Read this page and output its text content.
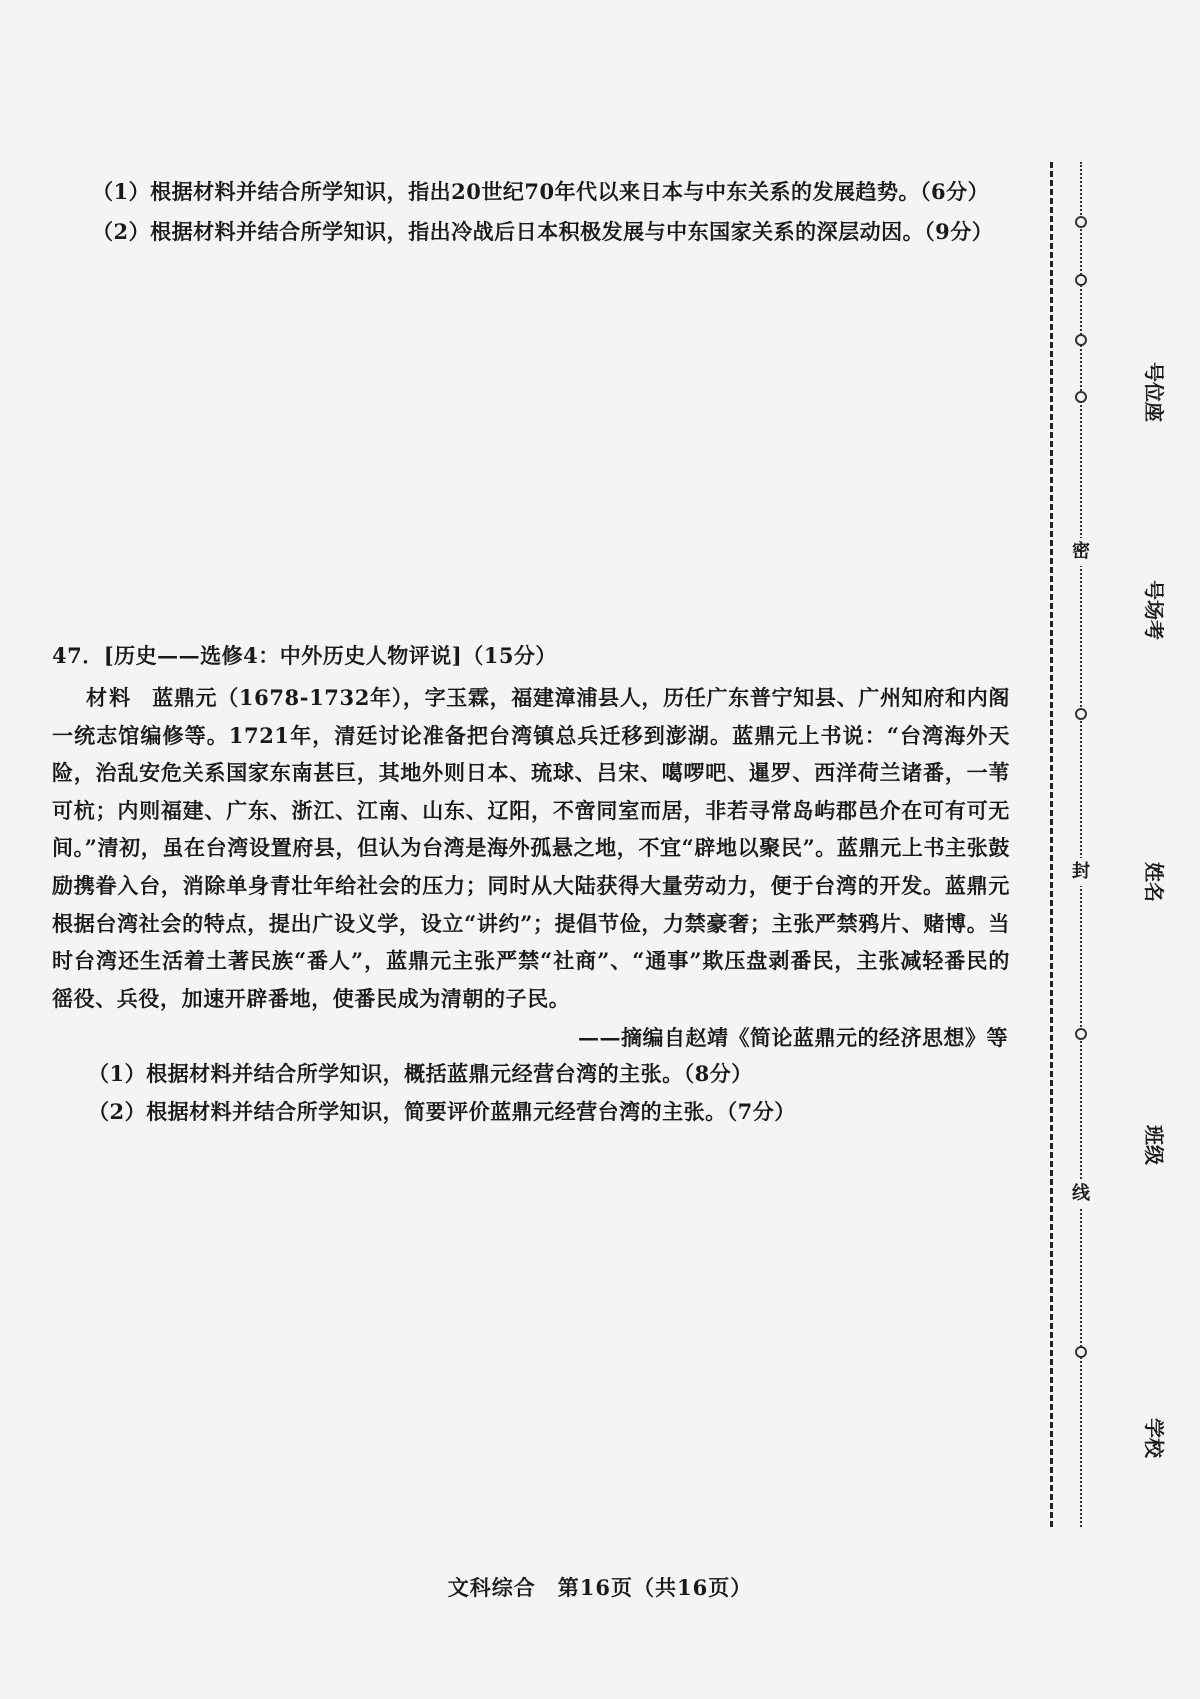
（1）根据材料并结合所学知识，指出20世纪70年代以来日本与中东关系的发展趋势。（6分）
（2）根据材料并结合所学知识，指出冷战后日本积极发展与中东国家关系的深层动因。（9分）
47．[历史——选修4：中外历史人物评说]（15分）
材料 蓝鼎元（1678-1732年），字玉霖，福建漳浦县人，历任广东普宁知县、广州知府和内阁一统志馆编修等。1721年，清廷讨论准备把台湾镇总兵迁移到澎湖。蓝鼎元上书说：“台湾海外天险，治乱安危关系国家东南甚巨，其地外则日本、琉球、吕宋、噶啰吧、暹罗、西洋荷兰诸番，一苇可杭；内则福建、广东、浙江、江南、山东、辽阳，不啻同室而居，非若寻常岛屿郡邑介在可有可无间。”清初，虽在台湾设置府县，但认为台湾是海外孤悬之地，不宜“辟地以聚民”。蓝鼎元上书主张鼓励携眷入台，消除单身青壮年给社会的压力；同时从大陆获得大量劳动力，便于台湾的开发。蓝鼎元根据台湾社会的特点，提出广设义学，设立“讲约”；提倡节俭，力禁豪奢；主张严禁鸦片、赌博。当时台湾还生活着土著民族“番人”，蓝鼎元主张严禁“社商”、“通事”欺压盘剥番民，主张减轻番民的徭役、兵役，加速开辟番地，使番民成为清朝的子民。
——摘编自赵靖《简论蓝鼎元的经济思想》等
（1）根据材料并结合所学知识，概括蓝鼎元经营台湾的主张。（8分）
（2）根据材料并结合所学知识，简要评价蓝鼎元经营台湾的主张。（7分）
文科综合　第16页（共16页）
密
封
线
号位座
号场考
姓名
班级
学校
